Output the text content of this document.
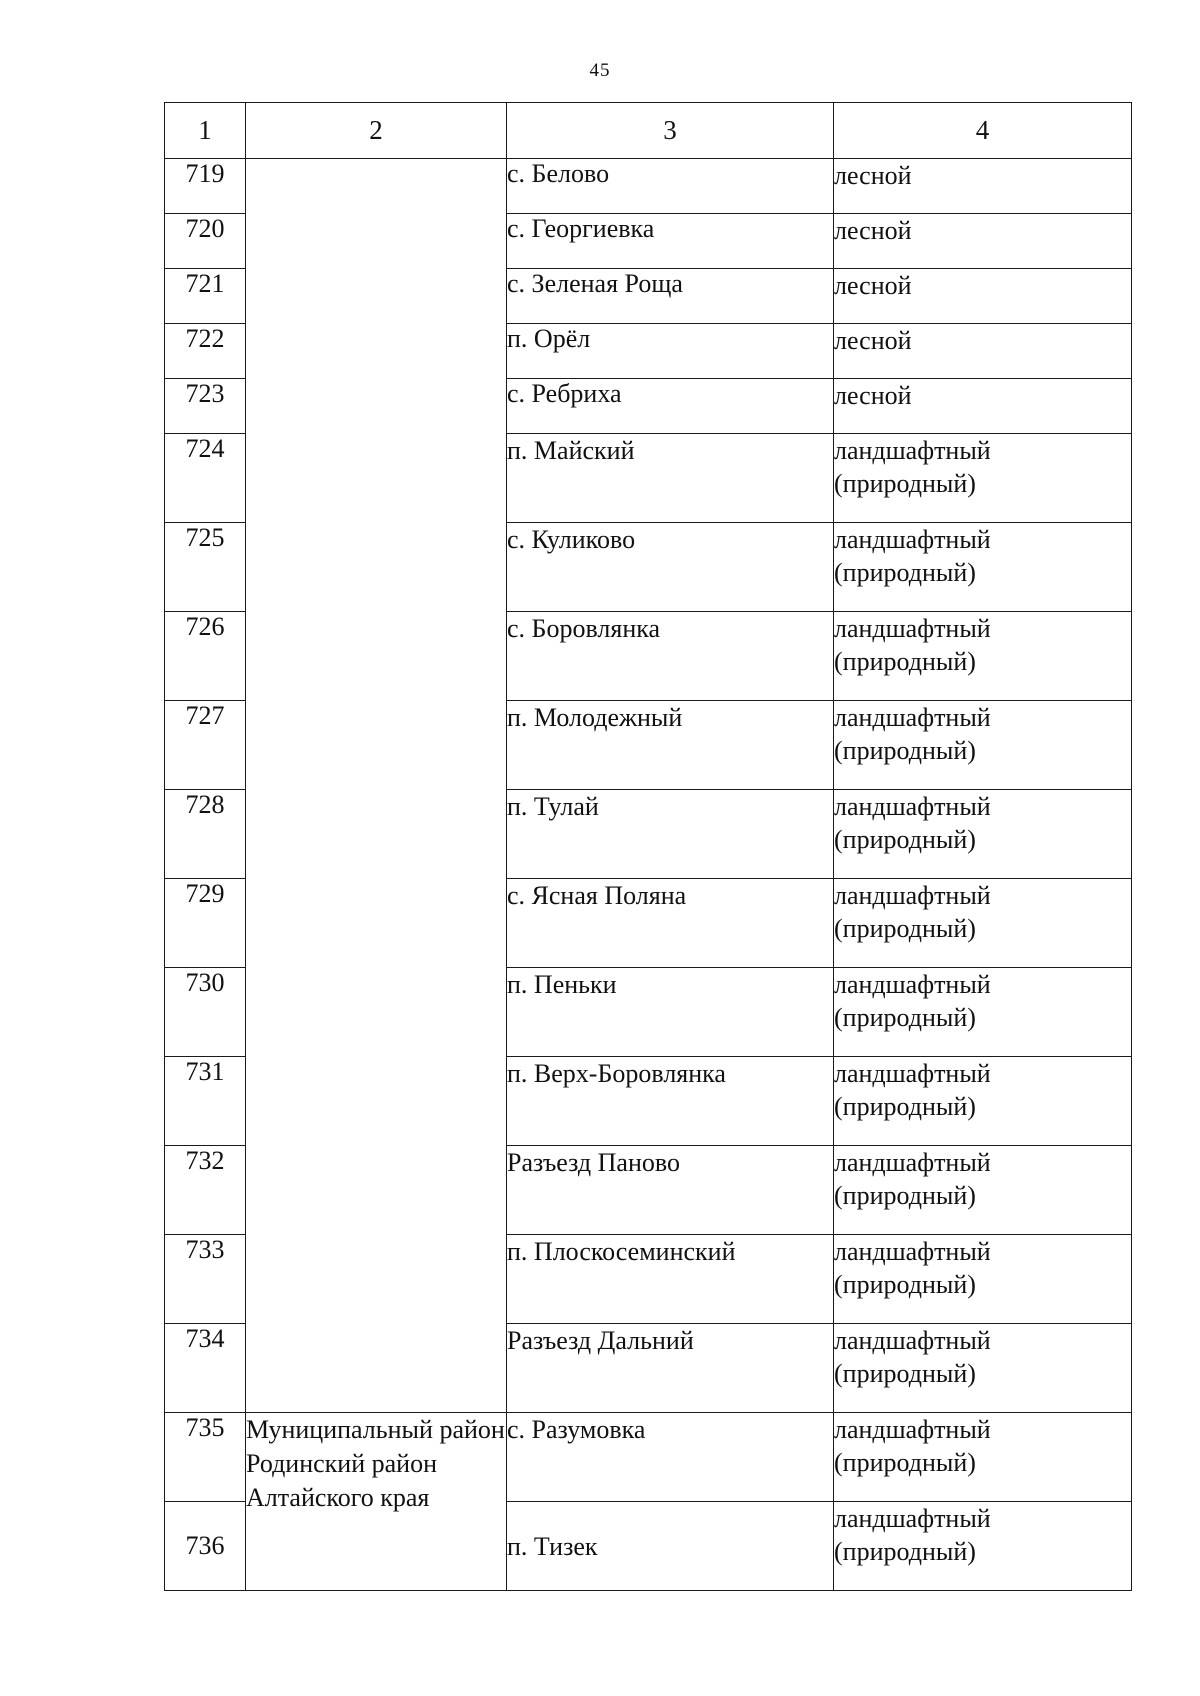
45
1	2	3	4
719		с. Белово	лесной
720		с. Георгиевка	лесной
721		с. Зеленая Роща	лесной
722		п. Орёл	лесной
723		с. Ребриха	лесной
724		п. Майский	ландшафтный (природный)
725		с. Куликово	ландшафтный (природный)
726		с. Боровлянка	ландшафтный (природный)
727		п. Молодежный	ландшафтный (природный)
728		п. Тулай	ландшафтный (природный)
729		с. Ясная Поляна	ландшафтный (природный)
730		п. Пеньки	ландшафтный (природный)
731		п. Верх-Боровлянка	ландшафтный (природный)
732		Разъезд Паново	ландшафтный (природный)
733		п. Плоскосеминский	ландшафтный (природный)
734		Разъезд Дальний	ландшафтный (природный)
735	Муниципальный район Родинский район Алтайского края	с. Разумовка	ландшафтный (природный)
736		п. Тизек	ландшафтный (природный)
